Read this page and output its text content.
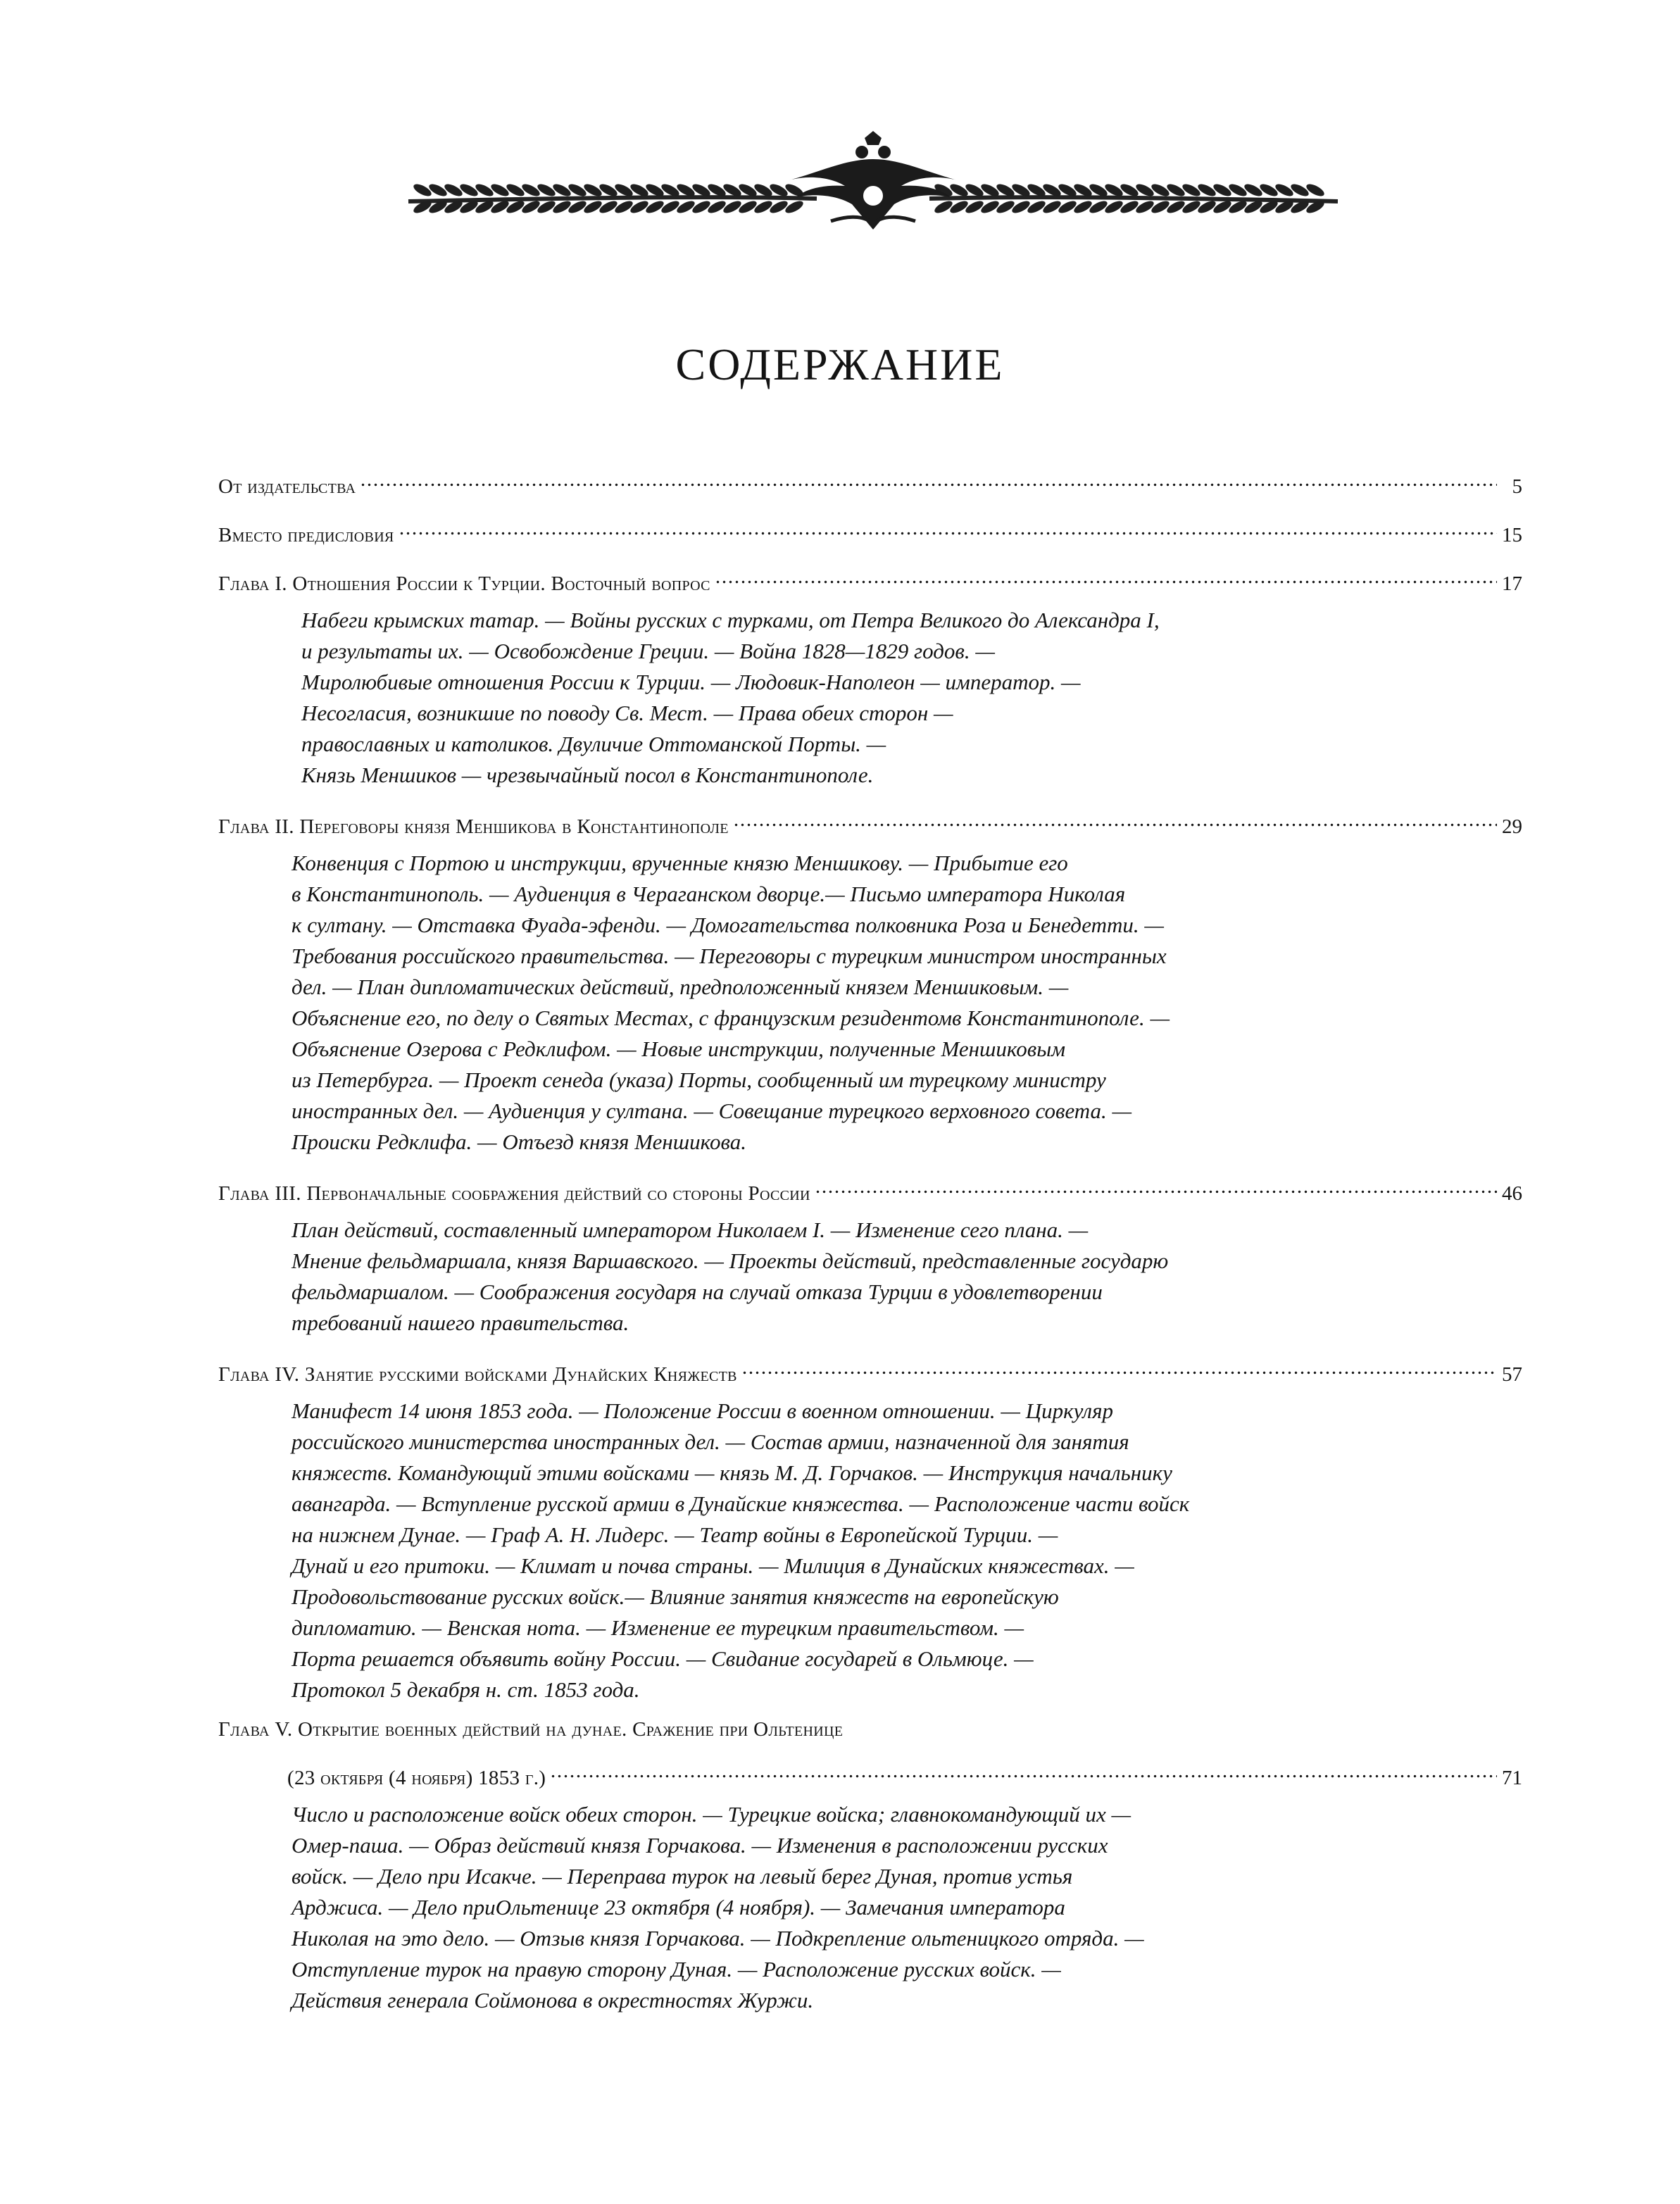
СОДЕРЖАНИЕ
От издательства	5
Вместо предисловия	15
Глава I. Отношения России к Турции. Восточный вопрос	17
Набеги крымских татар. — Войны русских с турками, от Петра Великого до Александра I,
и результаты их. — Освобождение Греции. — Война 1828—1829 годов. —
Миролюбивые отношения России к Турции. — Людовик-Наполеон — император. —
Несогласия, возникшие по поводу Св. Мест. — Права обеих сторон —
православных и католиков. Двуличие Оттоманской Порты. —
Князь Меншиков — чрезвычайный посол в Константинополе.
Глава II. Переговоры князя Меншикова в Константинополе	29
Конвенция с Портою и инструкции, врученные князю Меншикову. — Прибытие его
в Константинополь. — Аудиенция в Чераганском дворце.— Письмо императора Николая
к султану. — Отставка Фуада-эфенди. — Домогательства полковника Роза и Бенедетти. —
Требования российского правительства. — Переговоры с турецким министром иностранных
дел. — План дипломатических действий, предположенный князем Меншиковым. —
Объяснение его, по делу о Святых Местах, с французским резидентомв Константинополе. —
Объяснение Озерова с Редклифом. — Новые инструкции, полученные Меншиковым
из Петербурга. — Проект сенеда (указа) Порты, сообщенный им турецкому министру
иностранных дел. — Аудиенция у султана. — Совещание турецкого верховного совета. —
Происки Редклифа. — Отъезд князя Меншикова.
Глава III. Первоначальные соображения действий со стороны России	46
План действий, составленный императором Николаем I. — Изменение сего плана. —
Мнение фельдмаршала, князя Варшавского. — Проекты действий, представленные государю
фельдмаршалом. — Соображения государя на случай отказа Турции в удовлетворении
требований нашего правительства.
Глава IV. Занятие русскими войсками Дунайских Княжеств	57
Манифест 14 июня 1853 года. — Положение России в военном отношении. — Циркуляр
российского министерства иностранных дел. — Состав армии, назначенной для занятия
княжеств. Командующий этими войсками — князь М. Д. Горчаков. — Инструкция начальнику
авангарда. — Вступление русской армии в Дунайские княжества. — Расположение части войск
на нижнем Дунае. — Граф А. Н. Лидерс. — Театр войны в Европейской Турции. —
Дунай и его притоки. — Климат и почва страны. — Милиция в Дунайских княжествах. —
Продовольствование русских войск.— Влияние занятия княжеств на европейскую
дипломатию. — Венская нота. — Изменение ее турецким правительством. —
Порта решается объявить войну России. — Свидание государей в Ольмюце. —
Протокол 5 декабря н. ст. 1853 года.
Глава V. Открытие военных действий на дунае. Сражение при Ольтенице
(23 октября (4 ноября) 1853 г.)	71
Число и расположение войск обеих сторон. — Турецкие войска; главнокомандующий их —
Омер-паша. — Образ действий князя Горчакова. — Изменения в расположении русских
войск. — Дело при Исакче. — Переправа турок на левый берег Дуная, против устья
Арджиса. — Дело приОльтенице 23 октября (4 ноября). — Замечания императора
Николая на это дело. — Отзыв князя Горчакова. — Подкрепление ольтеницкого отряда. —
Отступление турок на правую сторону Дуная. — Расположение русских войск. —
Действия генерала Соймонова в окрестностях Журжи.
